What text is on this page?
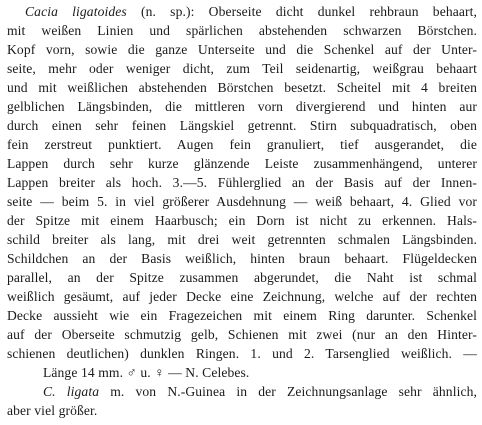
Cacia ligatoides (n. sp.): Oberseite dicht dunkel rehbraun behaart,
mit weißen Linien und spärlichen abstehenden schwarzen Börstchen.
Kopf vorn, sowie die ganze Unterseite und die Schenkel auf der Unter-
seite, mehr oder weniger dicht, zum Teil seidenartig, weißgrau behaart
und mit weißlichen abstehenden Börstchen besetzt. Scheitel mit 4 breiten
gelblichen Längsbinden, die mittleren vorn divergierend und hinten aur
durch einen sehr feinen Längskiel getrennt. Stirn subquadratisch, oben
fein zerstreut punktiert. Augen fein granuliert, tief ausgerandet, die
Lappen durch sehr kurze glänzende Leiste zusammenhängend, unterer
Lappen breiter als hoch. 3.—5. Fühlerglied an der Basis auf der Innen-
seite — beim 5. in viel größerer Ausdehnung — weiß behaart, 4. Glied vor
der Spitze mit einem Haarbusch; ein Dorn ist nicht zu erkennen. Hals-
schild breiter als lang, mit drei weit getrennten schmalen Längsbinden.
Schildchen an der Basis weißlich, hinten braun behaart. Flügeldecken
parallel, an der Spitze zusammen abgerundet, die Naht ist schmal
weißlich gesäumt, auf jeder Decke eine Zeichnung, welche auf der rechten
Decke aussieht wie ein Fragezeichen mit einem Ring darunter. Schenkel
auf der Oberseite schmutzig gelb, Schienen mit zwei (nur an den Hinter-
schienen deutlichen) dunklen Ringen. 1. und 2. Tarsenglied weißlich. —
Länge 14 mm. ♂ u. ♀ — N. Celebes.
C. ligata m. von N.-Guinea in der Zeichnungsanlage sehr ähnlich,
aber viel größer.
